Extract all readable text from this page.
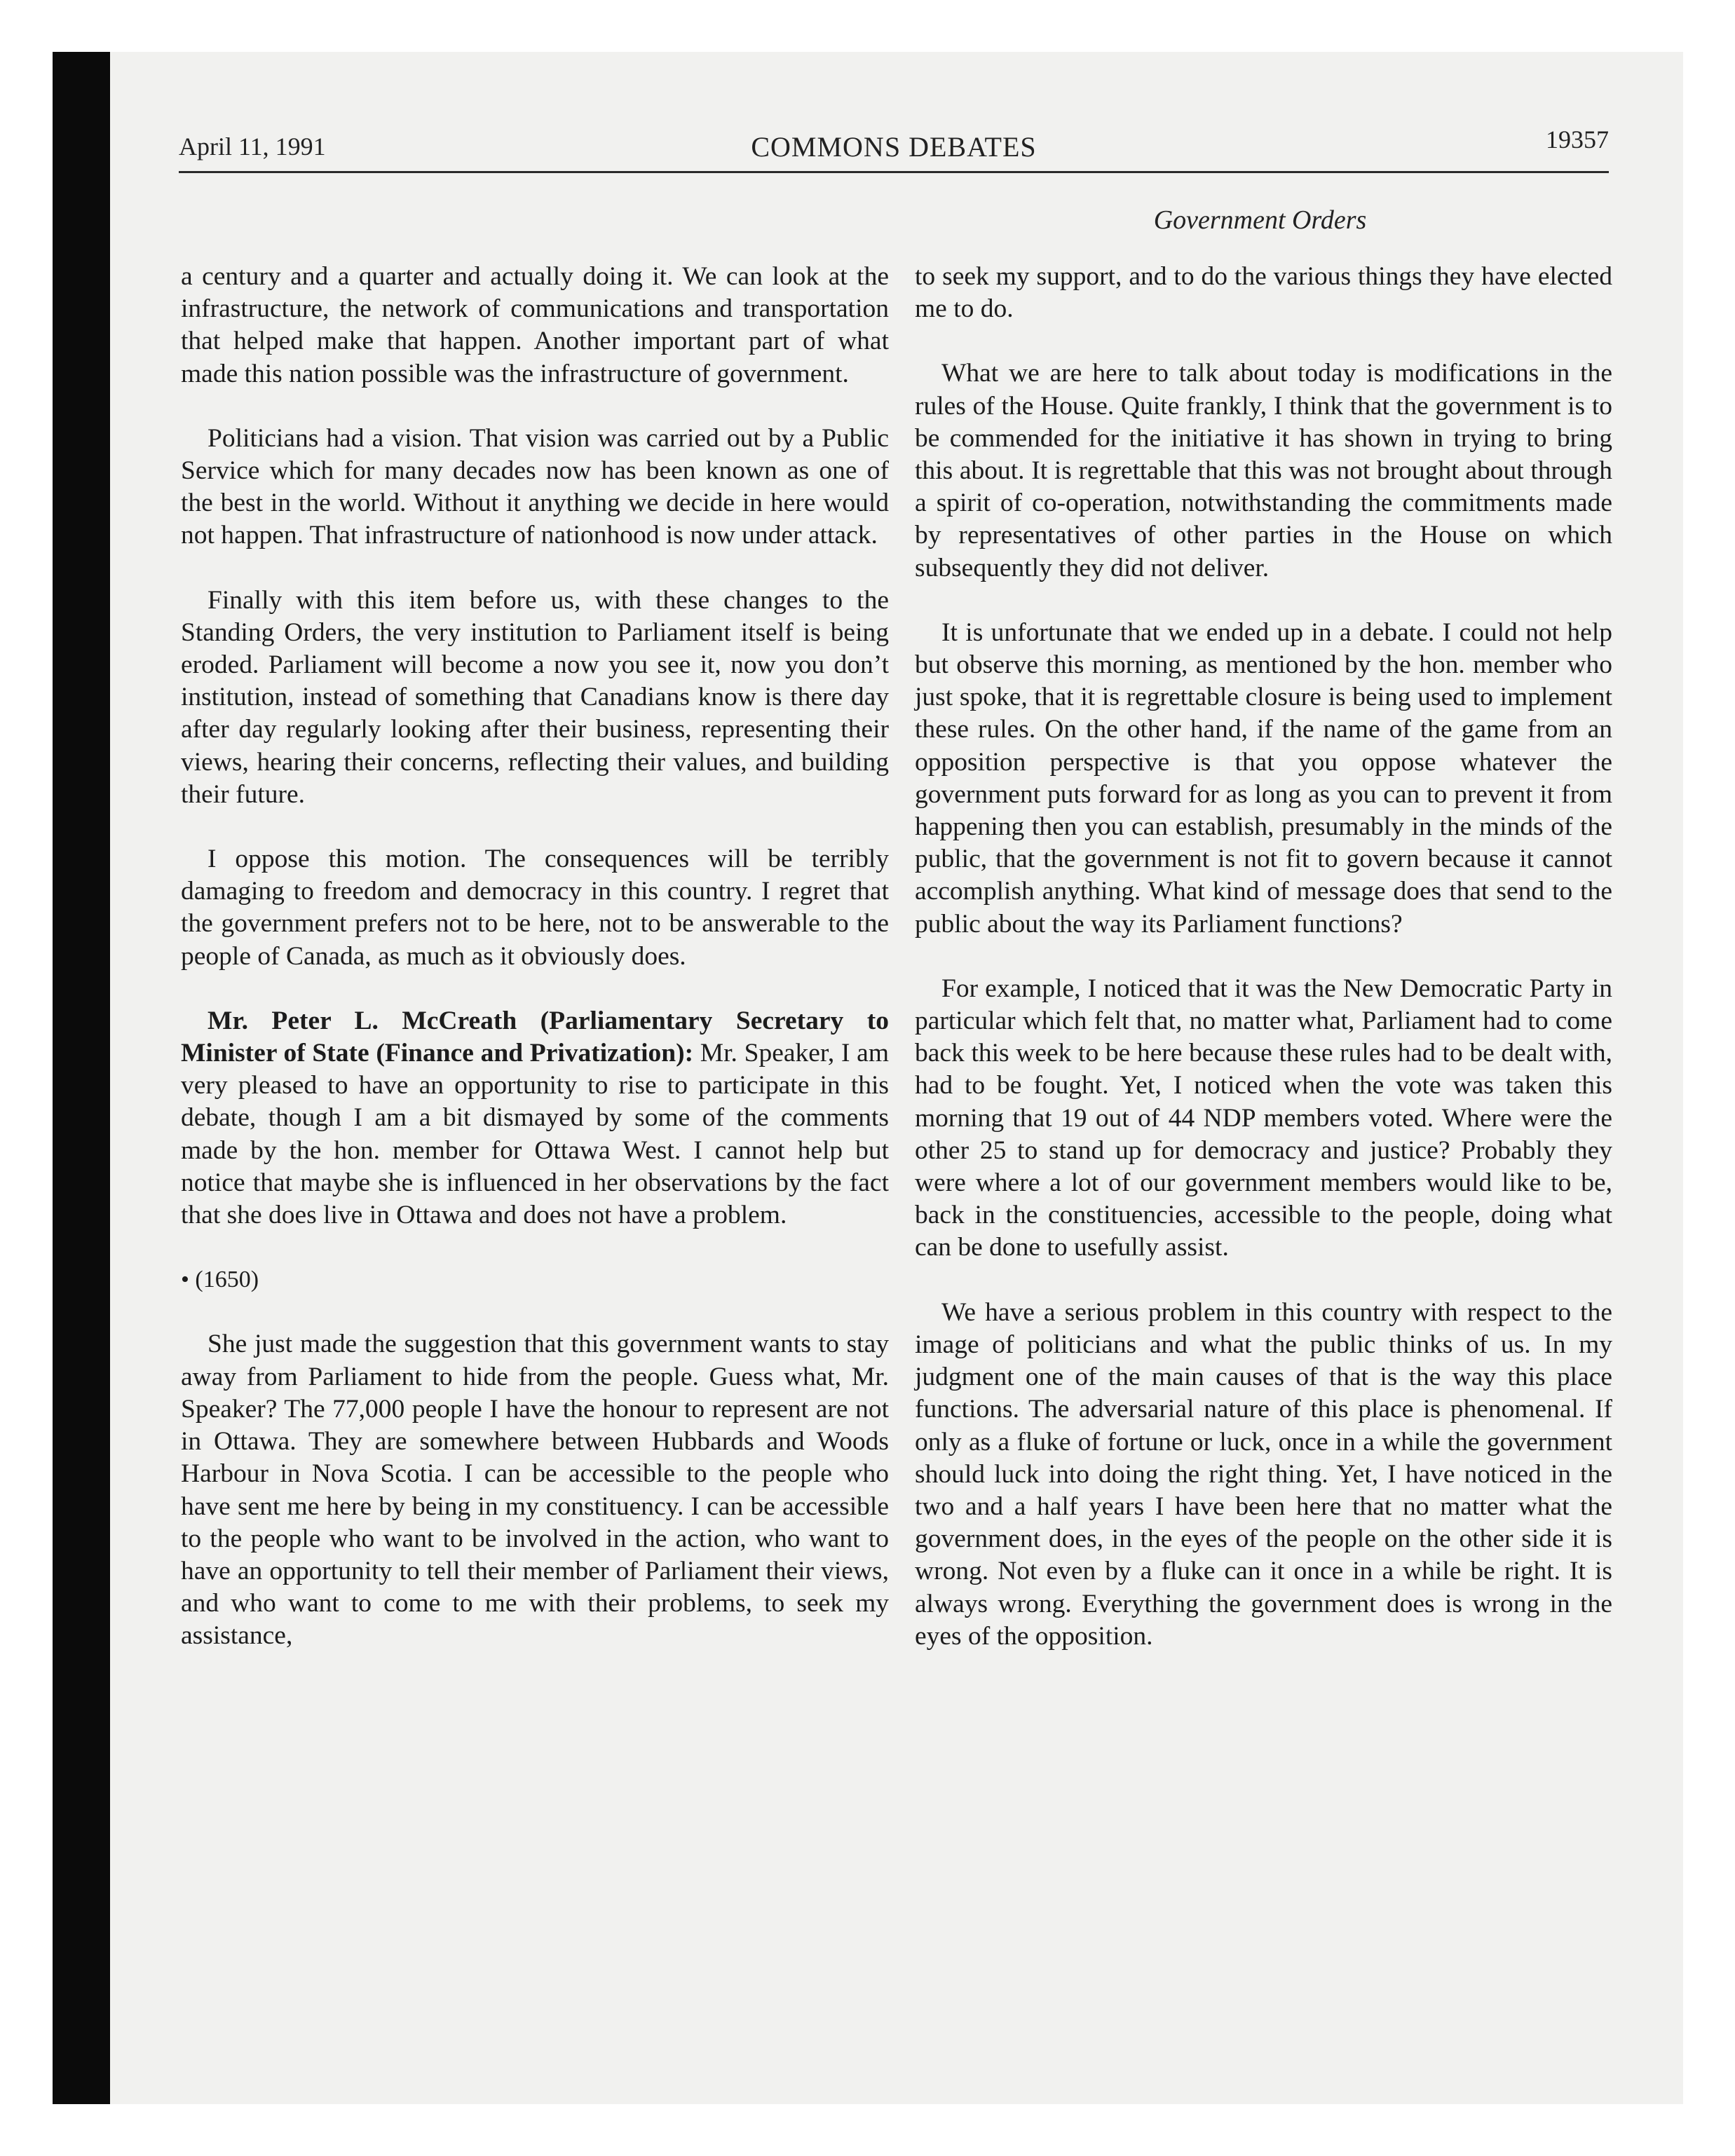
April 11, 1991	COMMONS DEBATES	19357
Government Orders

a century and a quarter and actually doing it. We can look at the infrastructure, the network of communications and transportation that helped make that happen. Another important part of what made this nation possible was the infrastructure of government.

Politicians had a vision. That vision was carried out by a Public Service which for many decades now has been known as one of the best in the world. Without it anything we decide in here would not happen. That infrastructure of nationhood is now under attack.

Finally with this item before us, with these changes to the Standing Orders, the very institution to Parliament itself is being eroded. Parliament will become a now you see it, now you don’t institution, instead of something that Canadians know is there day after day regularly looking after their business, representing their views, hearing their concerns, reflecting their values, and building their future.

I oppose this motion. The consequences will be terribly damaging to freedom and democracy in this country. I regret that the government prefers not to be here, not to be answerable to the people of Canada, as much as it obviously does.

Mr. Peter L. McCreath (Parliamentary Secretary to Minister of State (Finance and Privatization): Mr. Speaker, I am very pleased to have an opportunity to rise to participate in this debate, though I am a bit dismayed by some of the comments made by the hon. member for Ottawa West. I cannot help but notice that maybe she is influenced in her observations by the fact that she does live in Ottawa and does not have a problem.

• (1650)

She just made the suggestion that this government wants to stay away from Parliament to hide from the people. Guess what, Mr. Speaker? The 77,000 people I have the honour to represent are not in Ottawa. They are somewhere between Hubbards and Woods Harbour in Nova Scotia. I can be accessible to the people who have sent me here by being in my constituency. I can be accessible to the people who want to be involved in the action, who want to have an opportunity to tell their member of Parliament their views, and who want to come to me with their problems, to seek my assistance,

to seek my support, and to do the various things they have elected me to do.

What we are here to talk about today is modifications in the rules of the House. Quite frankly, I think that the government is to be commended for the initiative it has shown in trying to bring this about. It is regrettable that this was not brought about through a spirit of co-operation, notwithstanding the commitments made by representatives of other parties in the House on which subsequently they did not deliver.

It is unfortunate that we ended up in a debate. I could not help but observe this morning, as mentioned by the hon. member who just spoke, that it is regrettable closure is being used to implement these rules. On the other hand, if the name of the game from an opposition perspective is that you oppose whatever the government puts forward for as long as you can to prevent it from happening then you can establish, presumably in the minds of the public, that the government is not fit to govern because it cannot accomplish anything. What kind of message does that send to the public about the way its Parliament functions?

For example, I noticed that it was the New Democratic Party in particular which felt that, no matter what, Parliament had to come back this week to be here because these rules had to be dealt with, had to be fought. Yet, I noticed when the vote was taken this morning that 19 out of 44 NDP members voted. Where were the other 25 to stand up for democracy and justice? Probably they were where a lot of our government members would like to be, back in the constituencies, accessible to the people, doing what can be done to usefully assist.

We have a serious problem in this country with respect to the image of politicians and what the public thinks of us. In my judgment one of the main causes of that is the way this place functions. The adversarial nature of this place is phenomenal. If only as a fluke of fortune or luck, once in a while the government should luck into doing the right thing. Yet, I have noticed in the two and a half years I have been here that no matter what the government does, in the eyes of the people on the other side it is wrong. Not even by a fluke can it once in a while be right. It is always wrong. Everything the government does is wrong in the eyes of the opposition.
